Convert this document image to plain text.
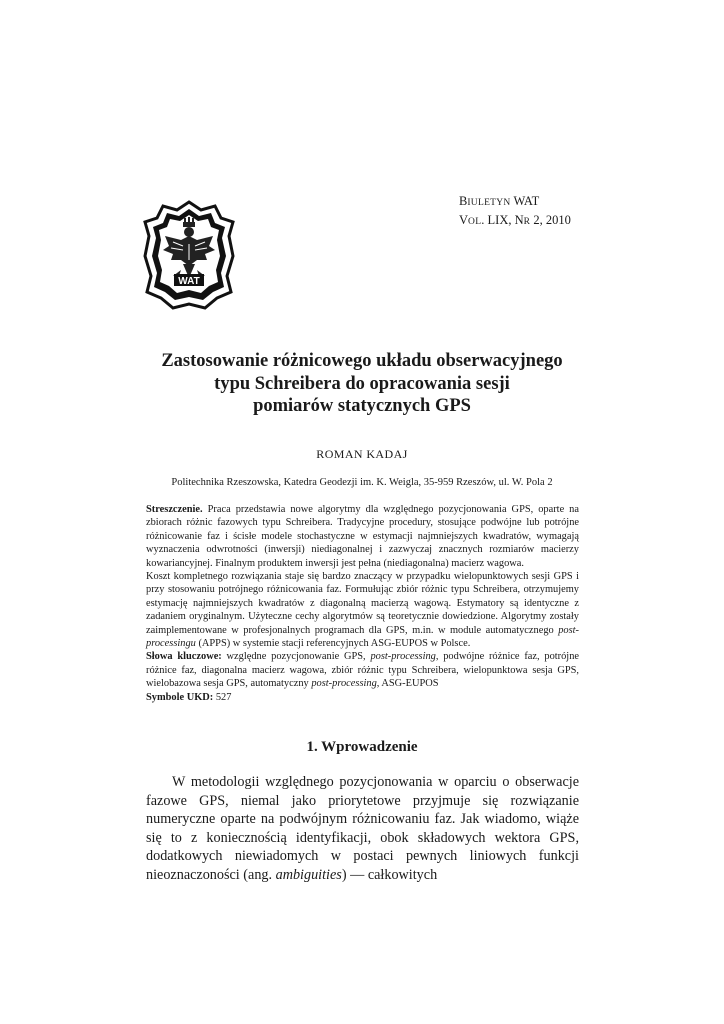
BIULETYN WAT
VOL. LIX, NR 2, 2010
WAT
Zastosowanie różnicowego układu obserwacyjnego
typu Schreibera do opracowania sesji
pomiarów statycznych GPS
ROMAN KADAJ
Politechnika Rzeszowska, Katedra Geodezji im. K. Weigla, 35-959 Rzeszów, ul. W. Pola 2

Streszczenie. Praca przedstawia nowe algorytmy dla względnego pozycjonowania GPS, oparte na zbiorach różnic fazowych typu Schreibera. Tradycyjne procedury, stosujące podwójne lub potrójne różnicowanie faz i ścisłe modele stochastyczne w estymacji najmniejszych kwadratów, wymagają wyznaczenia odwrotności (inwersji) niediagonalnej i zazwyczaj znacznych rozmiarów macierzy kowariancyjnej. Finalnym produktem inwersji jest pełna (niediagonalna) macierz wagowa.

Koszt kompletnego rozwiązania staje się bardzo znaczący w przypadku wielopunktowych sesji GPS i przy stosowaniu potrójnego różnicowania faz. Formułując zbiór różnic typu Schreibera, otrzymujemy estymację najmniejszych kwadratów z diagonalną macierzą wagową. Estymatory są identyczne z zadaniem oryginalnym. Użyteczne cechy algorytmów są teoretycznie dowiedzione. Algorytmy zostały zaimplementowane w profesjonalnych programach dla GPS, m.in. w module automatycznego post-processingu (APPS) w systemie stacji referencyjnych ASG-EUPOS w Polsce.

Słowa kluczowe: względne pozycjonowanie GPS, post-processing, podwójne różnice faz, potrójne różnice faz, diagonalna macierz wagowa, zbiór różnic typu Schreibera, wielopunktowa sesja GPS, wielobazowa sesja GPS, automatyczny post-processing, ASG-EUPOS

Symbole UKD: 527

1. Wprowadzenie

W metodologii względnego pozycjonowania w oparciu o obserwacje fazowe GPS, niemal jako priorytetowe przyjmuje się rozwiązanie numeryczne oparte na podwójnym różnicowaniu faz. Jak wiadomo, wiąże się to z koniecznością identyfikacji, obok składowych wektora GPS, dodatkowych niewiadomych w postaci pewnych liniowych funkcji nieoznaczoności (ang. ambiguities) — całkowitych
